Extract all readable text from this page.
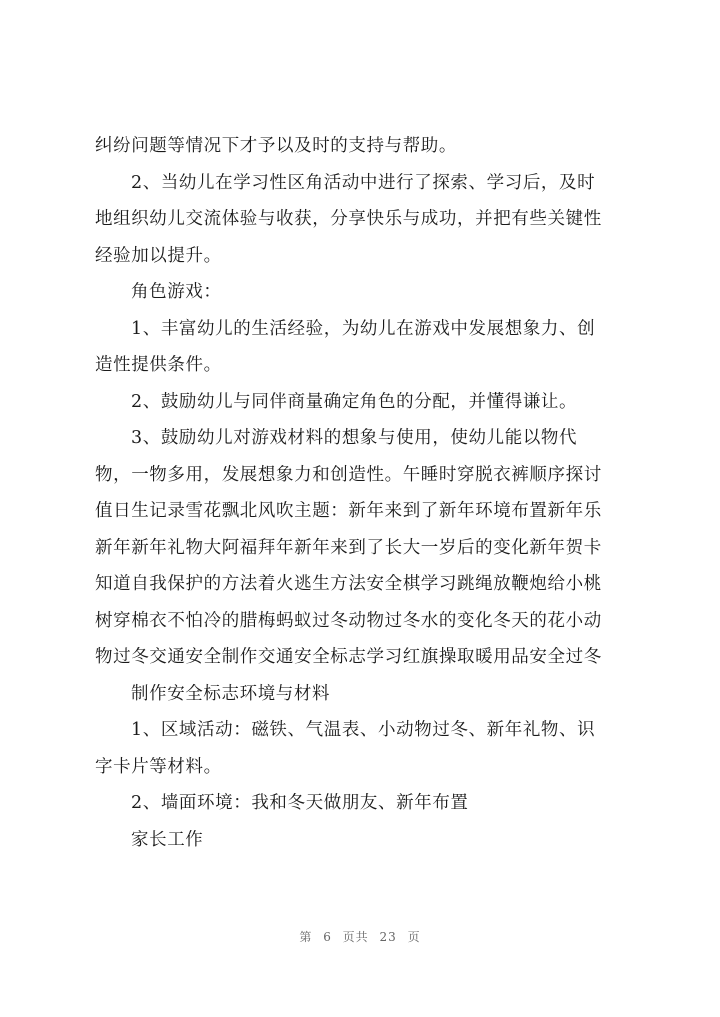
纠纷问题等情况下才予以及时的支持与帮助。
2、当幼儿在学习性区角活动中进行了探索、学习后，及时
地组织幼儿交流体验与收获，分享快乐与成功，并把有些关键性
经验加以提升。
角色游戏：
1、丰富幼儿的生活经验，为幼儿在游戏中发展想象力、创
造性提供条件。
2、鼓励幼儿与同伴商量确定角色的分配，并懂得谦让。
3、鼓励幼儿对游戏材料的想象与使用，使幼儿能以物代
物，一物多用，发展想象力和创造性。午睡时穿脱衣裤顺序探讨
值日生记录雪花飘北风吹主题：新年来到了新年环境布置新年乐
新年新年礼物大阿福拜年新年来到了长大一岁后的变化新年贺卡
知道自我保护的方法着火逃生方法安全棋学习跳绳放鞭炮给小桃
树穿棉衣不怕冷的腊梅蚂蚁过冬动物过冬水的变化冬天的花小动
物过冬交通安全制作交通安全标志学习红旗操取暖用品安全过冬
制作安全标志环境与材料
1、区域活动：磁铁、气温表、小动物过冬、新年礼物、识
字卡片等材料。
2、墙面环境：我和冬天做朋友、新年布置
家长工作
第 6 页共 23 页
